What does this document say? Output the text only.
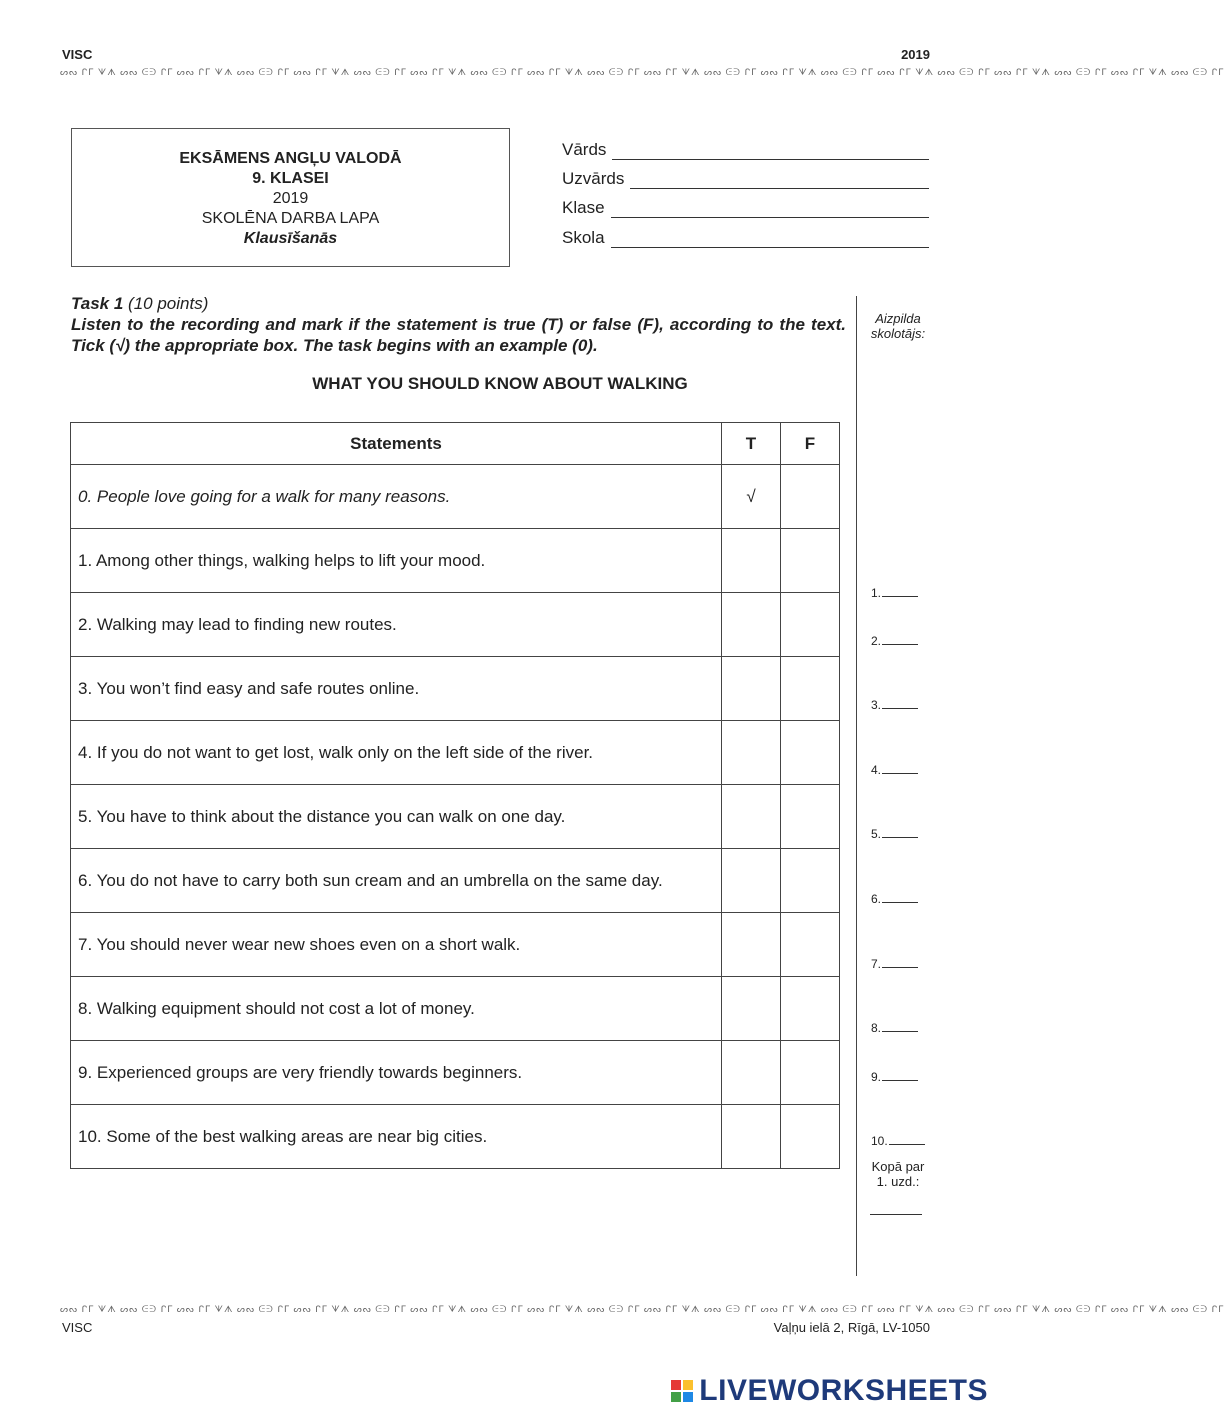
VISC	2019
ᔕᔓ ᒋᒥ ᗐᗑ ᔕᔓ ᕮᕭ ᒋᒥ ᔕᔓ ᒋᒥ ᗐᗑ ᔕᔓ ᕮᕭ ᒋᒥ ᔕᔓ ᒋᒥ ᗐᗑ ᔕᔓ ᕮᕭ ᒋᒥ ᔕᔓ ᒋᒥ ᗐᗑ ᔕᔓ ᕮᕭ ᒋᒥ ᔕᔓ ᒋᒥ ᗐᗑ ᔕᔓ ᕮᕭ ᒋᒥ ᔕᔓ ᒋᒥ ᗐᗑ ᔕᔓ ᕮᕭ ᒋᒥ ᔕᔓ ᒋᒥ ᗐᗑ ᔕᔓ ᕮᕭ ᒋᒥ ᔕᔓ ᒋᒥ ᗐᗑ ᔕᔓ ᕮᕭ ᒋᒥ ᔕᔓ ᒋᒥ ᗐᗑ ᔕᔓ ᕮᕭ ᒋᒥ ᔕᔓ ᒋᒥ ᗐᗑ ᔕᔓ ᕮᕭ ᒋᒥ
EKSĀMENS ANGĻU VALODĀ
9. KLASEI
2019
SKOLĒNA DARBA LAPA
Klausīšanās
Vārds
Uzvārds
Klase
Skola
Task 1 (10 points)
Listen to the recording and mark if the statement is true (T) or false (F), according to the text. Tick (√) the appropriate box. The task begins with an example (0).
WHAT YOU SHOULD KNOW ABOUT WALKING
Statements	T	F
0. People love going for a walk for many reasons.	√	
1. Among other things, walking helps to lift your mood.		
2. Walking may lead to finding new routes.		
3. You won’t find easy and safe routes online.		
4. If you do not want to get lost, walk only on the left side of the river.		
5. You have to think about the distance you can walk on one day.		
6. You do not have to carry both sun cream and an umbrella on the same day.		
7. You should never wear new shoes even on a short walk.		
8. Walking equipment should not cost a lot of money.		
9. Experienced groups are very friendly towards beginners.		
10. Some of the best walking areas are near big cities.		
Aizpilda
skolotājs:
1.
2.
3.
4.
5.
6.
7.
8.
9.
10.
Kopā par
1. uzd.:
ᔕᔓ ᒋᒥ ᗐᗑ ᔕᔓ ᕮᕭ ᒋᒥ ᔕᔓ ᒋᒥ ᗐᗑ ᔕᔓ ᕮᕭ ᒋᒥ ᔕᔓ ᒋᒥ ᗐᗑ ᔕᔓ ᕮᕭ ᒋᒥ ᔕᔓ ᒋᒥ ᗐᗑ ᔕᔓ ᕮᕭ ᒋᒥ ᔕᔓ ᒋᒥ ᗐᗑ ᔕᔓ ᕮᕭ ᒋᒥ ᔕᔓ ᒋᒥ ᗐᗑ ᔕᔓ ᕮᕭ ᒋᒥ ᔕᔓ ᒋᒥ ᗐᗑ ᔕᔓ ᕮᕭ ᒋᒥ ᔕᔓ ᒋᒥ ᗐᗑ ᔕᔓ ᕮᕭ ᒋᒥ ᔕᔓ ᒋᒥ ᗐᗑ ᔕᔓ ᕮᕭ ᒋᒥ ᔕᔓ ᒋᒥ ᗐᗑ ᔕᔓ ᕮᕭ ᒋᒥ
VISC	Vaļņu ielā 2, Rīgā, LV-1050
LIVEWORKSHEETS
